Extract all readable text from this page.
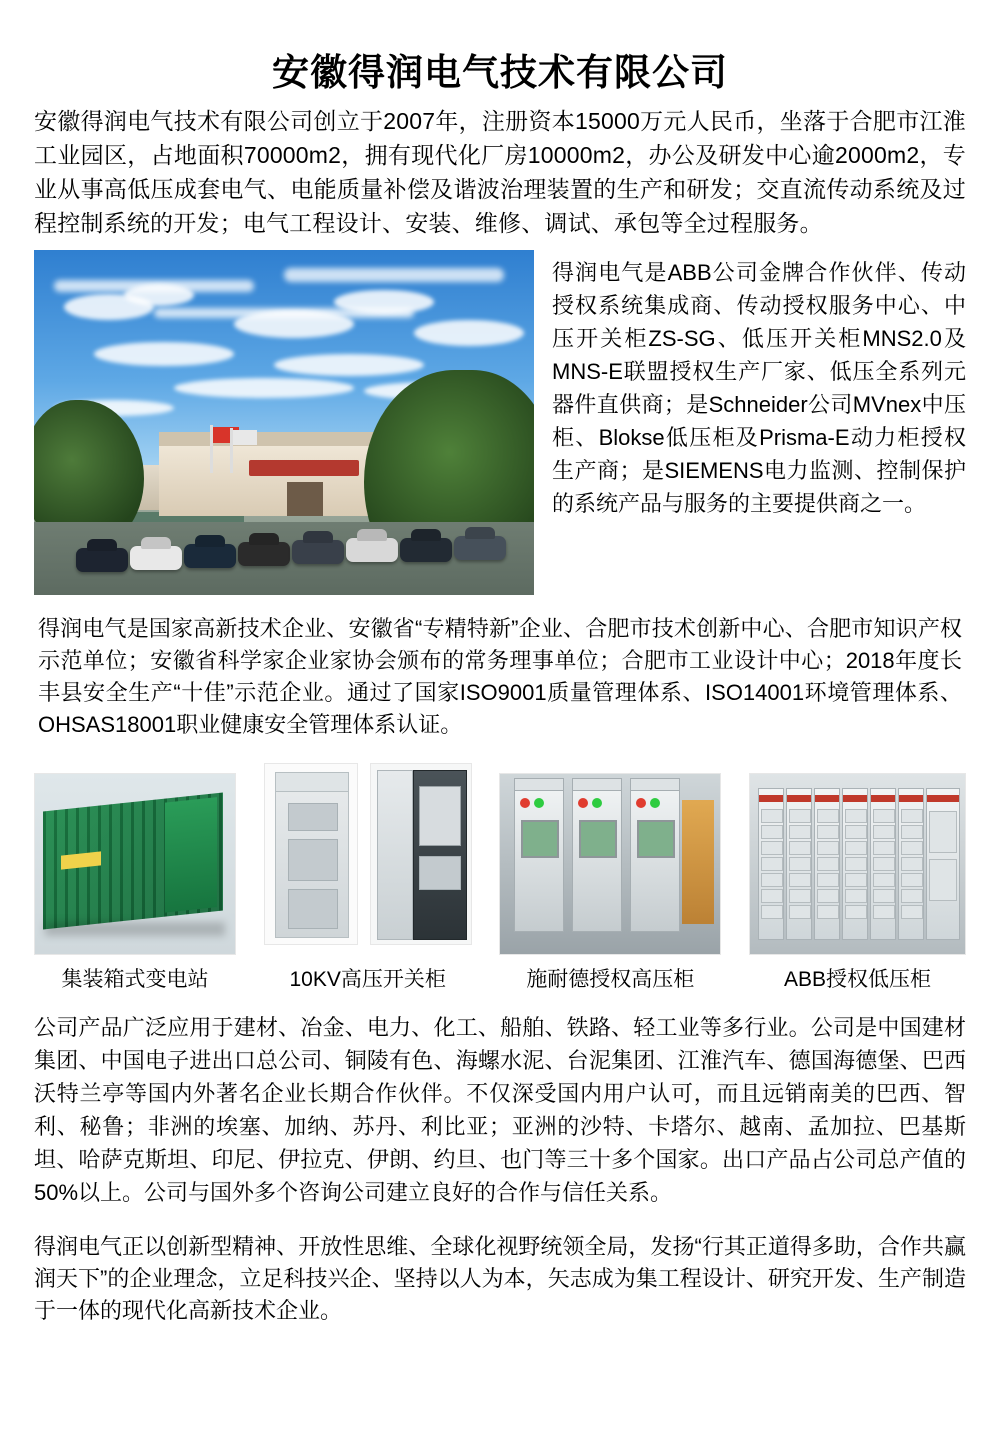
安徽得润电气技术有限公司

安徽得润电气技术有限公司创立于2007年，注册资本15000万元人民币，坐落于合肥市江淮工业园区，占地面积70000m2，拥有现代化厂房10000m2，办公及研发中心逾2000m2，专业从事高低压成套电气、电能质量补偿及谐波治理装置的生产和研发；交直流传动系统及过程控制系统的开发；电气工程设计、安装、维修、调试、承包等全过程服务。

得润电气是ABB公司金牌合作伙伴、传动授权系统集成商、传动授权服务中心、中压开关柜ZS-SG、低压开关柜MNS2.0及MNS-E联盟授权生产厂家、低压全系列元器件直供商；是Schneider公司MVnex中压柜、Blokse低压柜及Prisma-E动力柜授权生产商；是SIEMENS电力监测、控制保护的系统产品与服务的主要提供商之一。

得润电气是国家高新技术企业、安徽省“专精特新”企业、合肥市技术创新中心、合肥市知识产权示范单位；安徽省科学家企业家协会颁布的常务理事单位；合肥市工业设计中心；2018年度长丰县安全生产“十佳”示范企业。通过了国家ISO9001质量管理体系、ISO14001环境管理体系、OHSAS18001职业健康安全管理体系认证。

集装箱式变电站	10KV高压开关柜	施耐德授权高压柜	ABB授权低压柜

公司产品广泛应用于建材、冶金、电力、化工、船舶、铁路、轻工业等多行业。公司是中国建材集团、中国电子进出口总公司、铜陵有色、海螺水泥、台泥集团、江淮汽车、德国海德堡、巴西沃特兰亭等国内外著名企业长期合作伙伴。不仅深受国内用户认可，而且远销南美的巴西、智利、秘鲁；非洲的埃塞、加纳、苏丹、利比亚；亚洲的沙特、卡塔尔、越南、孟加拉、巴基斯坦、哈萨克斯坦、印尼、伊拉克、伊朗、约旦、也门等三十多个国家。出口产品占公司总产值的50%以上。公司与国外多个咨询公司建立良好的合作与信任关系。

得润电气正以创新型精神、开放性思维、全球化视野统领全局，发扬“行其正道得多助，合作共赢润天下”的企业理念，立足科技兴企、坚持以人为本，矢志成为集工程设计、研究开发、生产制造于一体的现代化高新技术企业。
